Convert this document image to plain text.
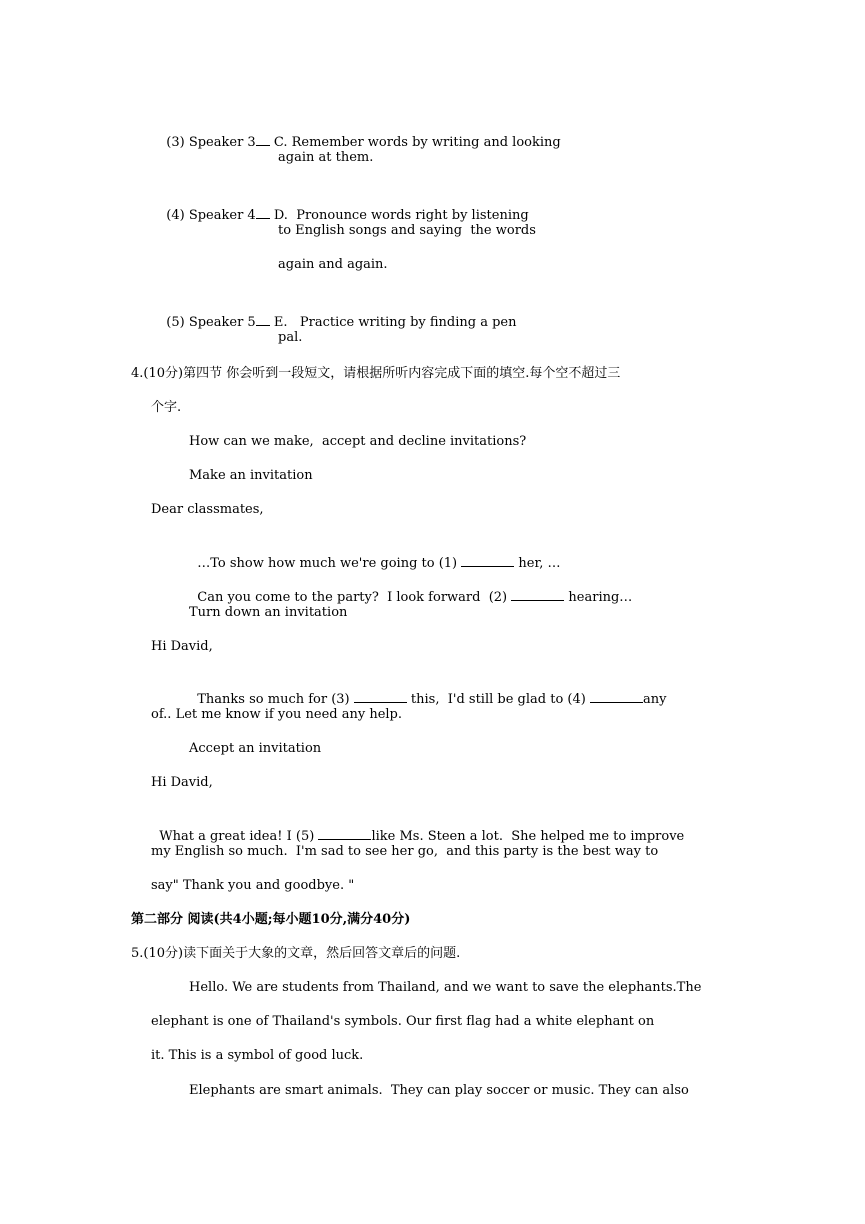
(3) Speaker 3 C. Remember words by writing and looking

again at them.

(4) Speaker 4 D. Pronounce words right by listening

to English songs and saying  the words
again and again.

(5) Speaker 5 E. Practice writing by finding a pen

pal.
4.(10分)第四节 你会听到一段短文，请根据所听内容完成下面的填空.每个空不超过三
个字.
How can we make,  accept and decline invitations?
Make an invitation
Dear classmates,

…To show how much we're going to (1)	her, …

Can you come to the party?  I look forward  (2)	hearing…

Turn down an invitation
Hi David,

Thanks so much for (3)	this,  I'd still be glad to (4)	any

of.. Let me know if you need any help.
Accept an invitation
Hi David,

What a great idea! I (5)	like Ms. Steen a lot.  She helped me to improve

my English so much.  I'm sad to see her go,  and this party is the best way to
say" Thank you and goodbye. "
第二部分 阅读(共4小题;每小题10分,满分40分)
5.(10分)读下面关于大象的文章，然后回答文章后的问题.
Hello. We are students from Thailand, and we want to save the elephants.The
elephant is one of Thailand's symbols. Our first flag had a white elephant on
it. This is a symbol of good luck.
Elephants are smart animals.  They can play soccer or music. They can also
